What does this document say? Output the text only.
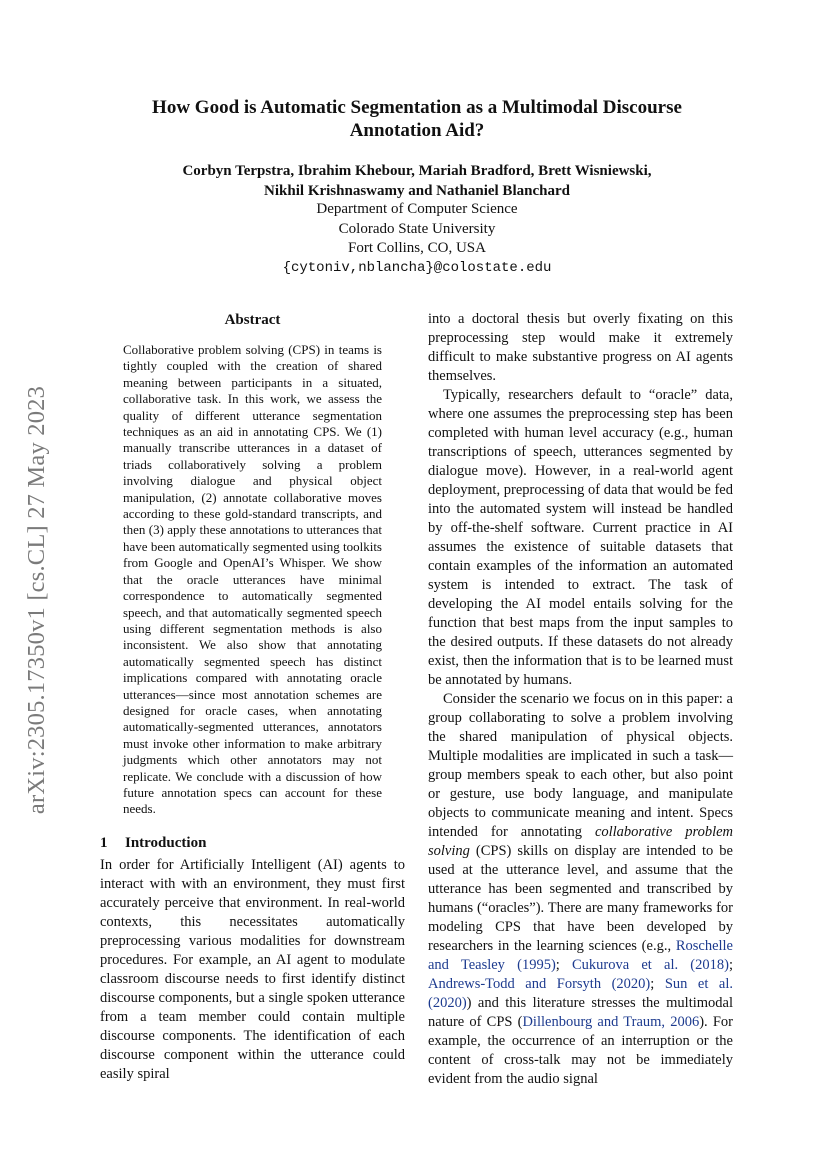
arXiv:2305.17350v1 [cs.CL] 27 May 2023
How Good is Automatic Segmentation as a Multimodal Discourse
Annotation Aid?
Corbyn Terpstra, Ibrahim Khebour, Mariah Bradford, Brett Wisniewski,
Nikhil Krishnaswamy and Nathaniel Blanchard
Department of Computer Science
Colorado State University
Fort Collins, CO, USA
{cytoniv,nblancha}@colostate.edu
Abstract
Collaborative problem solving (CPS) in teams is tightly coupled with the creation of shared meaning between participants in a situated, collaborative task. In this work, we assess the quality of different utterance segmentation techniques as an aid in annotating CPS. We (1) manually transcribe utterances in a dataset of triads collaboratively solving a problem involving dialogue and physical object manipulation, (2) annotate collaborative moves according to these gold-standard transcripts, and then (3) apply these annotations to utterances that have been automatically segmented using toolkits from Google and OpenAI’s Whisper. We show that the oracle utterances have minimal correspondence to automatically segmented speech, and that automatically segmented speech using different segmentation methods is also inconsistent. We also show that annotating automatically segmented speech has distinct implications compared with annotating oracle utterances—since most annotation schemes are designed for oracle cases, when annotating automatically-segmented utterances, annotators must invoke other information to make arbitrary judgments which other annotators may not replicate. We conclude with a discussion of how future annotation specs can account for these needs.
1 Introduction

In order for Artificially Intelligent (AI) agents to interact with with an environment, they must first accurately perceive that environment. In real-world contexts, this necessitates automatically preprocessing various modalities for downstream procedures. For example, an AI agent to modulate classroom discourse needs to first identify distinct discourse components, but a single spoken utterance from a team member could contain multiple discourse components. The identification of each discourse component within the utterance could easily spiral

into a doctoral thesis but overly fixating on this preprocessing step would make it extremely difficult to make substantive progress on AI agents themselves.

Typically, researchers default to “oracle” data, where one assumes the preprocessing step has been completed with human level accuracy (e.g., human transcriptions of speech, utterances segmented by dialogue move). However, in a real-world agent deployment, preprocessing of data that would be fed into the automated system will instead be handled by off-the-shelf software. Current practice in AI assumes the existence of suitable datasets that contain examples of the information an automated system is intended to extract. The task of developing the AI model entails solving for the function that best maps from the input samples to the desired outputs. If these datasets do not already exist, then the information that is to be learned must be annotated by humans.

Consider the scenario we focus on in this paper: a group collaborating to solve a problem involving the shared manipulation of physical objects. Multiple modalities are implicated in such a task—group members speak to each other, but also point or gesture, use body language, and manipulate objects to communicate meaning and intent. Specs intended for annotating collaborative problem solving (CPS) skills on display are intended to be used at the utterance level, and assume that the utterance has been segmented and transcribed by humans (“oracles”). There are many frameworks for modeling CPS that have been developed by researchers in the learning sciences (e.g., Roschelle and Teasley (1995); Cukurova et al. (2018); Andrews-Todd and Forsyth (2020); Sun et al. (2020)) and this literature stresses the multimodal nature of CPS (Dillenbourg and Traum, 2006). For example, the occurrence of an interruption or the content of cross-talk may not be immediately evident from the audio signal
